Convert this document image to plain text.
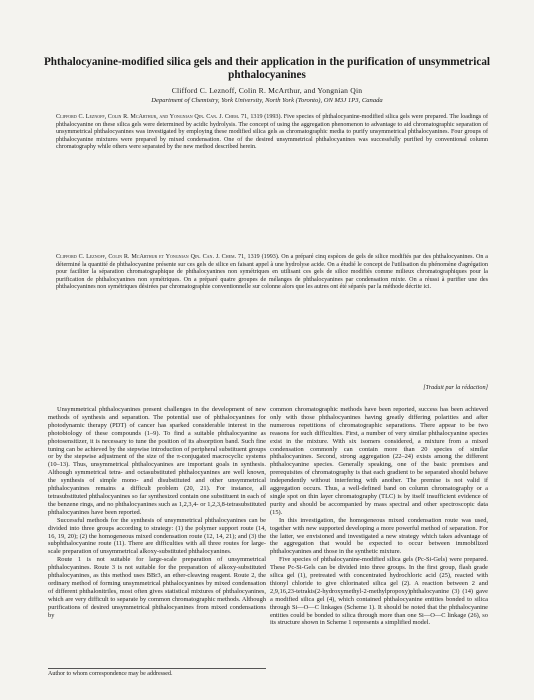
Phthalocyanine-modified silica gels and their application in the purification of unsymmetrical phthalocyanines
Clifford C. Leznoff, Colin R. McArthur, and Yongnian Qin
Department of Chemistry, York University, North York (Toronto), ON M3J 1P3, Canada
Clifford C. Leznoff, Colin R. McArthur, and Yongnian Qin. Can. J. Chem. 71, 1319 (1993). Five species of phthalocyanine-modified silica gels were prepared. The loadings of phthalocyanine on these silica gels were determined by acidic hydrolysis. The concept of using the aggregation phenomenon to advantage to aid chromatographic separation of unsymmetrical phthalocyanines was investigated by employing these modified silica gels as chromatographic media to purify unsymmetrical phthalocyanines. Four groups of phthalocyanine mixtures were prepared by mixed condensation. One of the desired unsymmetrical phthalocyanines was successfully purified by conventional column chromatography while others were separated by the new method described herein.
Clifford C. Leznoff, Colin R. McArthur et Yongnian Qin. Can. J. Chem. 71, 1319 (1993). On a préparé cinq espèces de gels de silice modifiés par des phthalocyanines. On a déterminé la quantité de phthalocyanine présente sur ces gels de silice en faisant appel à une hydrolyse acide. On a étudié le concept de l'utilisation du phénomène d'agrégation pour faciliter la séparation chromatographique de phthalocyanines non symétriques en utilisant ces gels de silice modifiés comme milieux chromatographiques pour la purification de phthalocyanines non symétriques. On a préparé quatre groupes de mélanges de phthalocyanines par condensation mixte. On a réussi à purifier une des phthalocyanines non symétriques désirées par chromatographie conventionnelle sur colonne alors que les autres ont été séparés par la méthode décrite ici.
[Traduit par la rédaction]

Unsymmetrical phthalocyanines present challenges in the development of new methods of synthesis and separation. The potential use of phthalocyanines for photodynamic therapy (PDT) of cancer has sparked considerable interest in the photobiology of these compounds (1–9). To find a suitable phthalocyanine as photosensitizer, it is necessary to tune the position of its absorption band. Such fine tuning can be achieved by the stepwise introduction of peripheral substituent groups or by the stepwise adjustment of the size of the π-conjugated macrocyclic systems (10–13). Thus, unsymmetrical phthalocyanines are important goals in synthesis. Although symmetrical tetra- and octasubstituted phthalocyanines are well known, the synthesis of simple mono- and disubstituted and other unsymmetrical phthalocyanines remains a difficult problem (20, 21). For instance, all tetrasubstituted phthalocyanines so far synthesized contain one substituent in each of the benzene rings, and no phthalocyanines such as 1,2,3,4- or 1,2,3,8-tetrasubstituted phthalocyanines have been reported.

Successful methods for the synthesis of unsymmetrical phthalocyanines can be divided into three groups according to strategy: (1) the polymer support route (14, 16, 19, 20); (2) the homogeneous mixed condensation route (12, 14, 21); and (3) the subphthalocyanine route (11). There are difficulties with all three routes for large-scale preparation of unsymmetrical alkoxy-substituted phthalocyanines.

Route 1 is not suitable for large-scale preparation of unsymmetrical phthalocyanines. Route 3 is not suitable for the preparation of alkoxy-substituted phthalocyanines, as this method uses BBr3, an ether-cleaving reagent. Route 2, the ordinary method of forming unsymmetrical phthalocyanines by mixed condensation of different phthalonitriles, most often gives statistical mixtures of phthalocyanines, which are very difficult to separate by common chromatographic methods. Although purifications of desired unsymmetrical phthalocyanines from mixed condensations by

common chromatographic methods have been reported, success has been achieved only with those phthalocyanines having greatly differing polarities and after numerous repetitions of chromatographic separations. There appear to be two reasons for such difficulties. First, a number of very similar phthalocyanine species exist in the mixture. With six isomers considered, a mixture from a mixed condensation commonly can contain more than 20 species of similar phthalocyanines. Second, strong aggregation (22–24) exists among the different phthalocyanine species. Generally speaking, one of the basic premises and prerequisites of chromatography is that each gradient to be separated should behave independently without interfering with another. The premise is not valid if aggregation occurs. Thus, a well-defined band on column chromatography or a single spot on thin layer chromatography (TLC) is by itself insufficient evidence of purity and should be accompanied by mass spectral and other spectroscopic data (15).

In this investigation, the homogeneous mixed condensation route was used, together with new supported developing a more powerful method of separation. For the latter, we envisioned and investigated a new strategy which takes advantage of the aggregation that would be expected to occur between immobilized phthalocyanines and those in the synthetic mixture.

Five species of phthalocyanine-modified silica gels (Pc-Si-Gels) were prepared. These Pc-Si-Gels can be divided into three groups. In the first group, flash grade silica gel (1), pretreated with concentrated hydrochloric acid (25), reacted with thionyl chloride to give chlorinated silica gel (2). A reaction between 2 and 2,9,16,23-tetrakis(2-hydroxymethyl-2-methylpropoxy)phthalocyanine (3) (14) gave a modified silica gel (4), which contained phthalocyanine entities bonded to silica through Si—O—C linkages (Scheme 1). It should be noted that the phthalocyanine entities could be bonded to silica through more than one Si—O—C linkage (26), so its structure shown in Scheme 1 represents a simplified model.

Author to whom correspondence may be addressed.
